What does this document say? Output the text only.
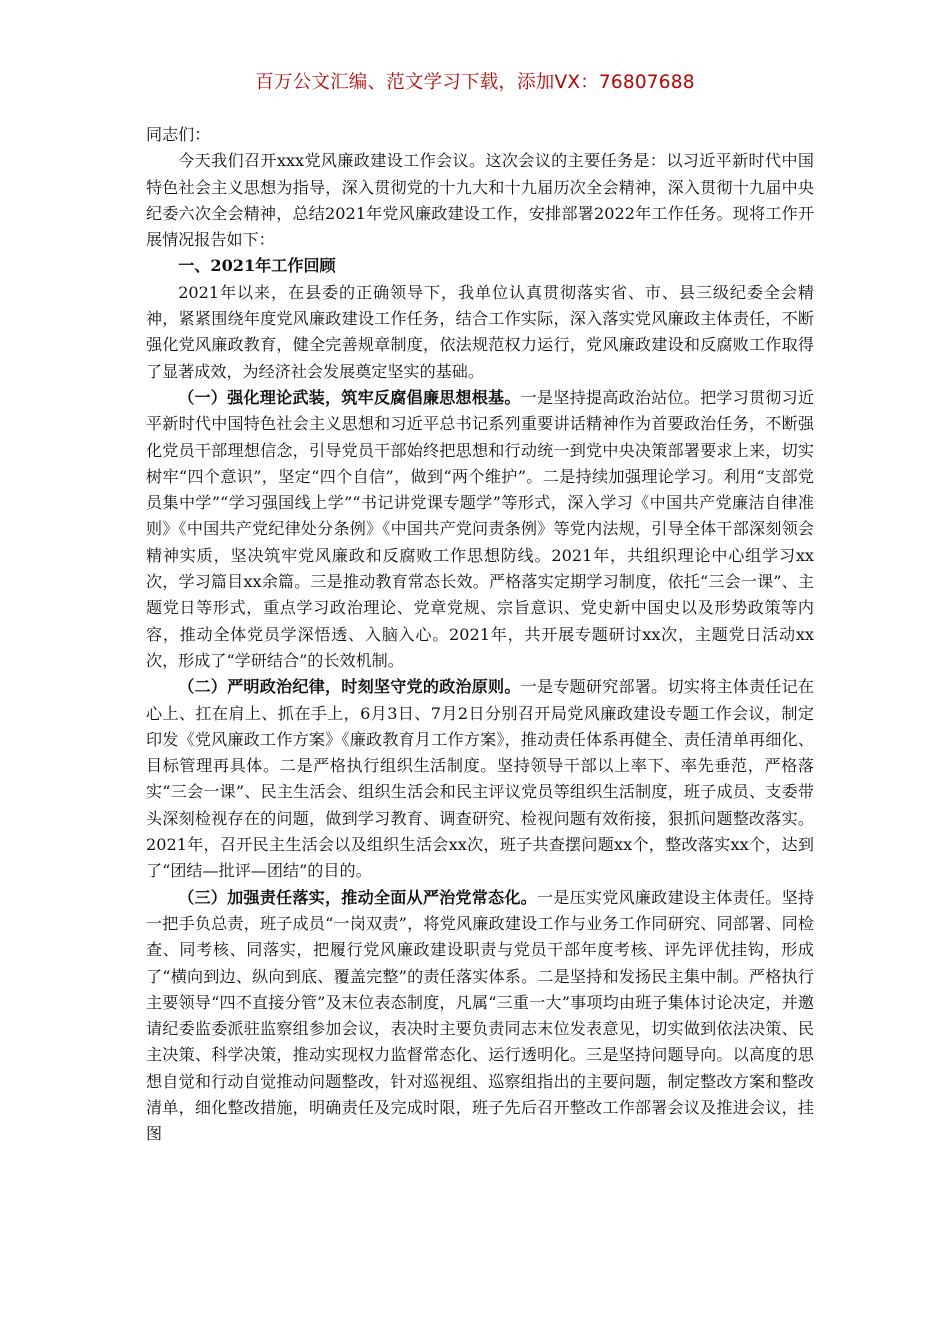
百万公文汇编、范文学习下载，添加VX：76807688

同志们：

今天我们召开xxx党风廉政建设工作会议。这次会议的主要任务是：以习近平新时代中国特色社会主义思想为指导，深入贯彻党的十九大和十九届历次全会精神，深入贯彻十九届中央纪委六次全会精神，总结2021年党风廉政建设工作，安排部署2022年工作任务。现将工作开展情况报告如下：

一、2021年工作回顾

2021年以来，在县委的正确领导下，我单位认真贯彻落实省、市、县三级纪委全会精神，紧紧围绕年度党风廉政建设工作任务，结合工作实际，深入落实党风廉政主体责任，不断强化党风廉政教育，健全完善规章制度，依法规范权力运行，党风廉政建设和反腐败工作取得了显著成效，为经济社会发展奠定坚实的基础。

（一）强化理论武装，筑牢反腐倡廉思想根基。一是坚持提高政治站位。把学习贯彻习近平新时代中国特色社会主义思想和习近平总书记系列重要讲话精神作为首要政治任务，不断强化党员干部理想信念，引导党员干部始终把思想和行动统一到党中央决策部署要求上来，切实树牢“四个意识”，坚定“四个自信”，做到“两个维护”。二是持续加强理论学习。利用“支部党员集中学”“学习强国线上学”“书记讲党课专题学”等形式，深入学习《中国共产党廉洁自律准则》《中国共产党纪律处分条例》《中国共产党问责条例》等党内法规，引导全体干部深刻领会精神实质，坚决筑牢党风廉政和反腐败工作思想防线。2021年，共组织理论中心组学习xx次，学习篇目xx余篇。三是推动教育常态长效。严格落实定期学习制度，依托“三会一课”、主题党日等形式，重点学习政治理论、党章党规、宗旨意识、党史新中国史以及形势政策等内容，推动全体党员学深悟透、入脑入心。2021年，共开展专题研讨xx次，主题党日活动xx次，形成了“学研结合”的长效机制。

（二）严明政治纪律，时刻坚守党的政治原则。一是专题研究部署。切实将主体责任记在心上、扛在肩上、抓在手上，6月3日、7月2日分别召开局党风廉政建设专题工作会议，制定印发《党风廉政工作方案》《廉政教育月工作方案》，推动责任体系再健全、责任清单再细化、目标管理再具体。二是严格执行组织生活制度。坚持领导干部以上率下、率先垂范，严格落实“三会一课”、民主生活会、组织生活会和民主评议党员等组织生活制度，班子成员、支委带头深刻检视存在的问题，做到学习教育、调查研究、检视问题有效衔接，狠抓问题整改落实。2021年，召开民主生活会以及组织生活会xx次，班子共查摆问题xx个，整改落实xx个，达到了“团结—批评—团结”的目的。

（三）加强责任落实，推动全面从严治党常态化。一是压实党风廉政建设主体责任。坚持一把手负总责，班子成员“一岗双责”，将党风廉政建设工作与业务工作同研究、同部署、同检查、同考核、同落实，把履行党风廉政建设职责与党员干部年度考核、评先评优挂钩，形成了“横向到边、纵向到底、覆盖完整”的责任落实体系。二是坚持和发扬民主集中制。严格执行主要领导“四不直接分管”及末位表态制度，凡属“三重一大”事项均由班子集体讨论决定，并邀请纪委监委派驻监察组参加会议，表决时主要负责同志末位发表意见，切实做到依法决策、民主决策、科学决策，推动实现权力监督常态化、运行透明化。三是坚持问题导向。以高度的思想自觉和行动自觉推动问题整改，针对巡视组、巡察组指出的主要问题，制定整改方案和整改清单，细化整改措施，明确责任及完成时限，班子先后召开整改工作部署会议及推进会议，挂图
